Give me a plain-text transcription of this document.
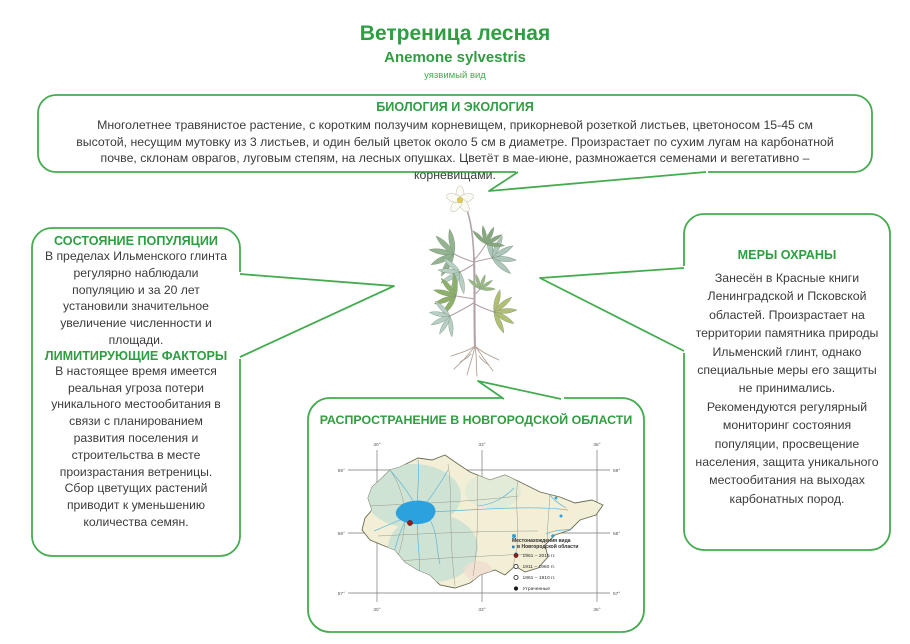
Ветреница лесная
Anemone sylvestris
уязвимый вид
БИОЛОГИЯ И ЭКОЛОГИЯ
Многолетнее травянистое растение, с коротким ползучим корневищем, прикорневой розеткой листьев, цветоносом 15-45 см высотой, несущим мутовку из 3 листьев, и один белый цветок около 5 см в диаметре. Произрастает по сухим лугам на карбонатной почве, склонам оврагов, луговым степям, на лесных опушках. Цветёт в мае-июне, размножается семенами и вегетативно – корневищами.
СОСТОЯНИЕ ПОПУЛЯЦИИ
В пределах Ильменского глинта регулярно наблюдали популяцию и за 20 лет установили значительное увеличение численности и площади.
ЛИМИТИРУЮЩИЕ ФАКТОРЫ
В настоящее время имеется реальная угроза потери уникального местообитания в связи с планированием развития поселения и строительства в месте произрастания ветреницы. Сбор цветущих растений приводит к уменьшению количества семян.
МЕРЫ ОХРАНЫ
Занесён в Красные книги Ленинградской и Псковской областей. Произрастает на территории памятника природы Ильменский глинт, однако специальные меры его защиты не принимались. Рекомендуются регулярный мониторинг состояния популяции, просвещение населения, защита уникального местообитания на выходах карбонатных пород.
РАСПРОСТРАНЕНИЕ В НОВГОРОДСКОЙ ОБЛАСТИ
30°	33°	36°
30°	33°	36°
59°
58°
57°
59°
58°
57°
Местонахождения вида
в Новгородской области
1961 – 2015 гг.
1911 – 1960 гг.
1861 – 1910 гг.
Утраченные
